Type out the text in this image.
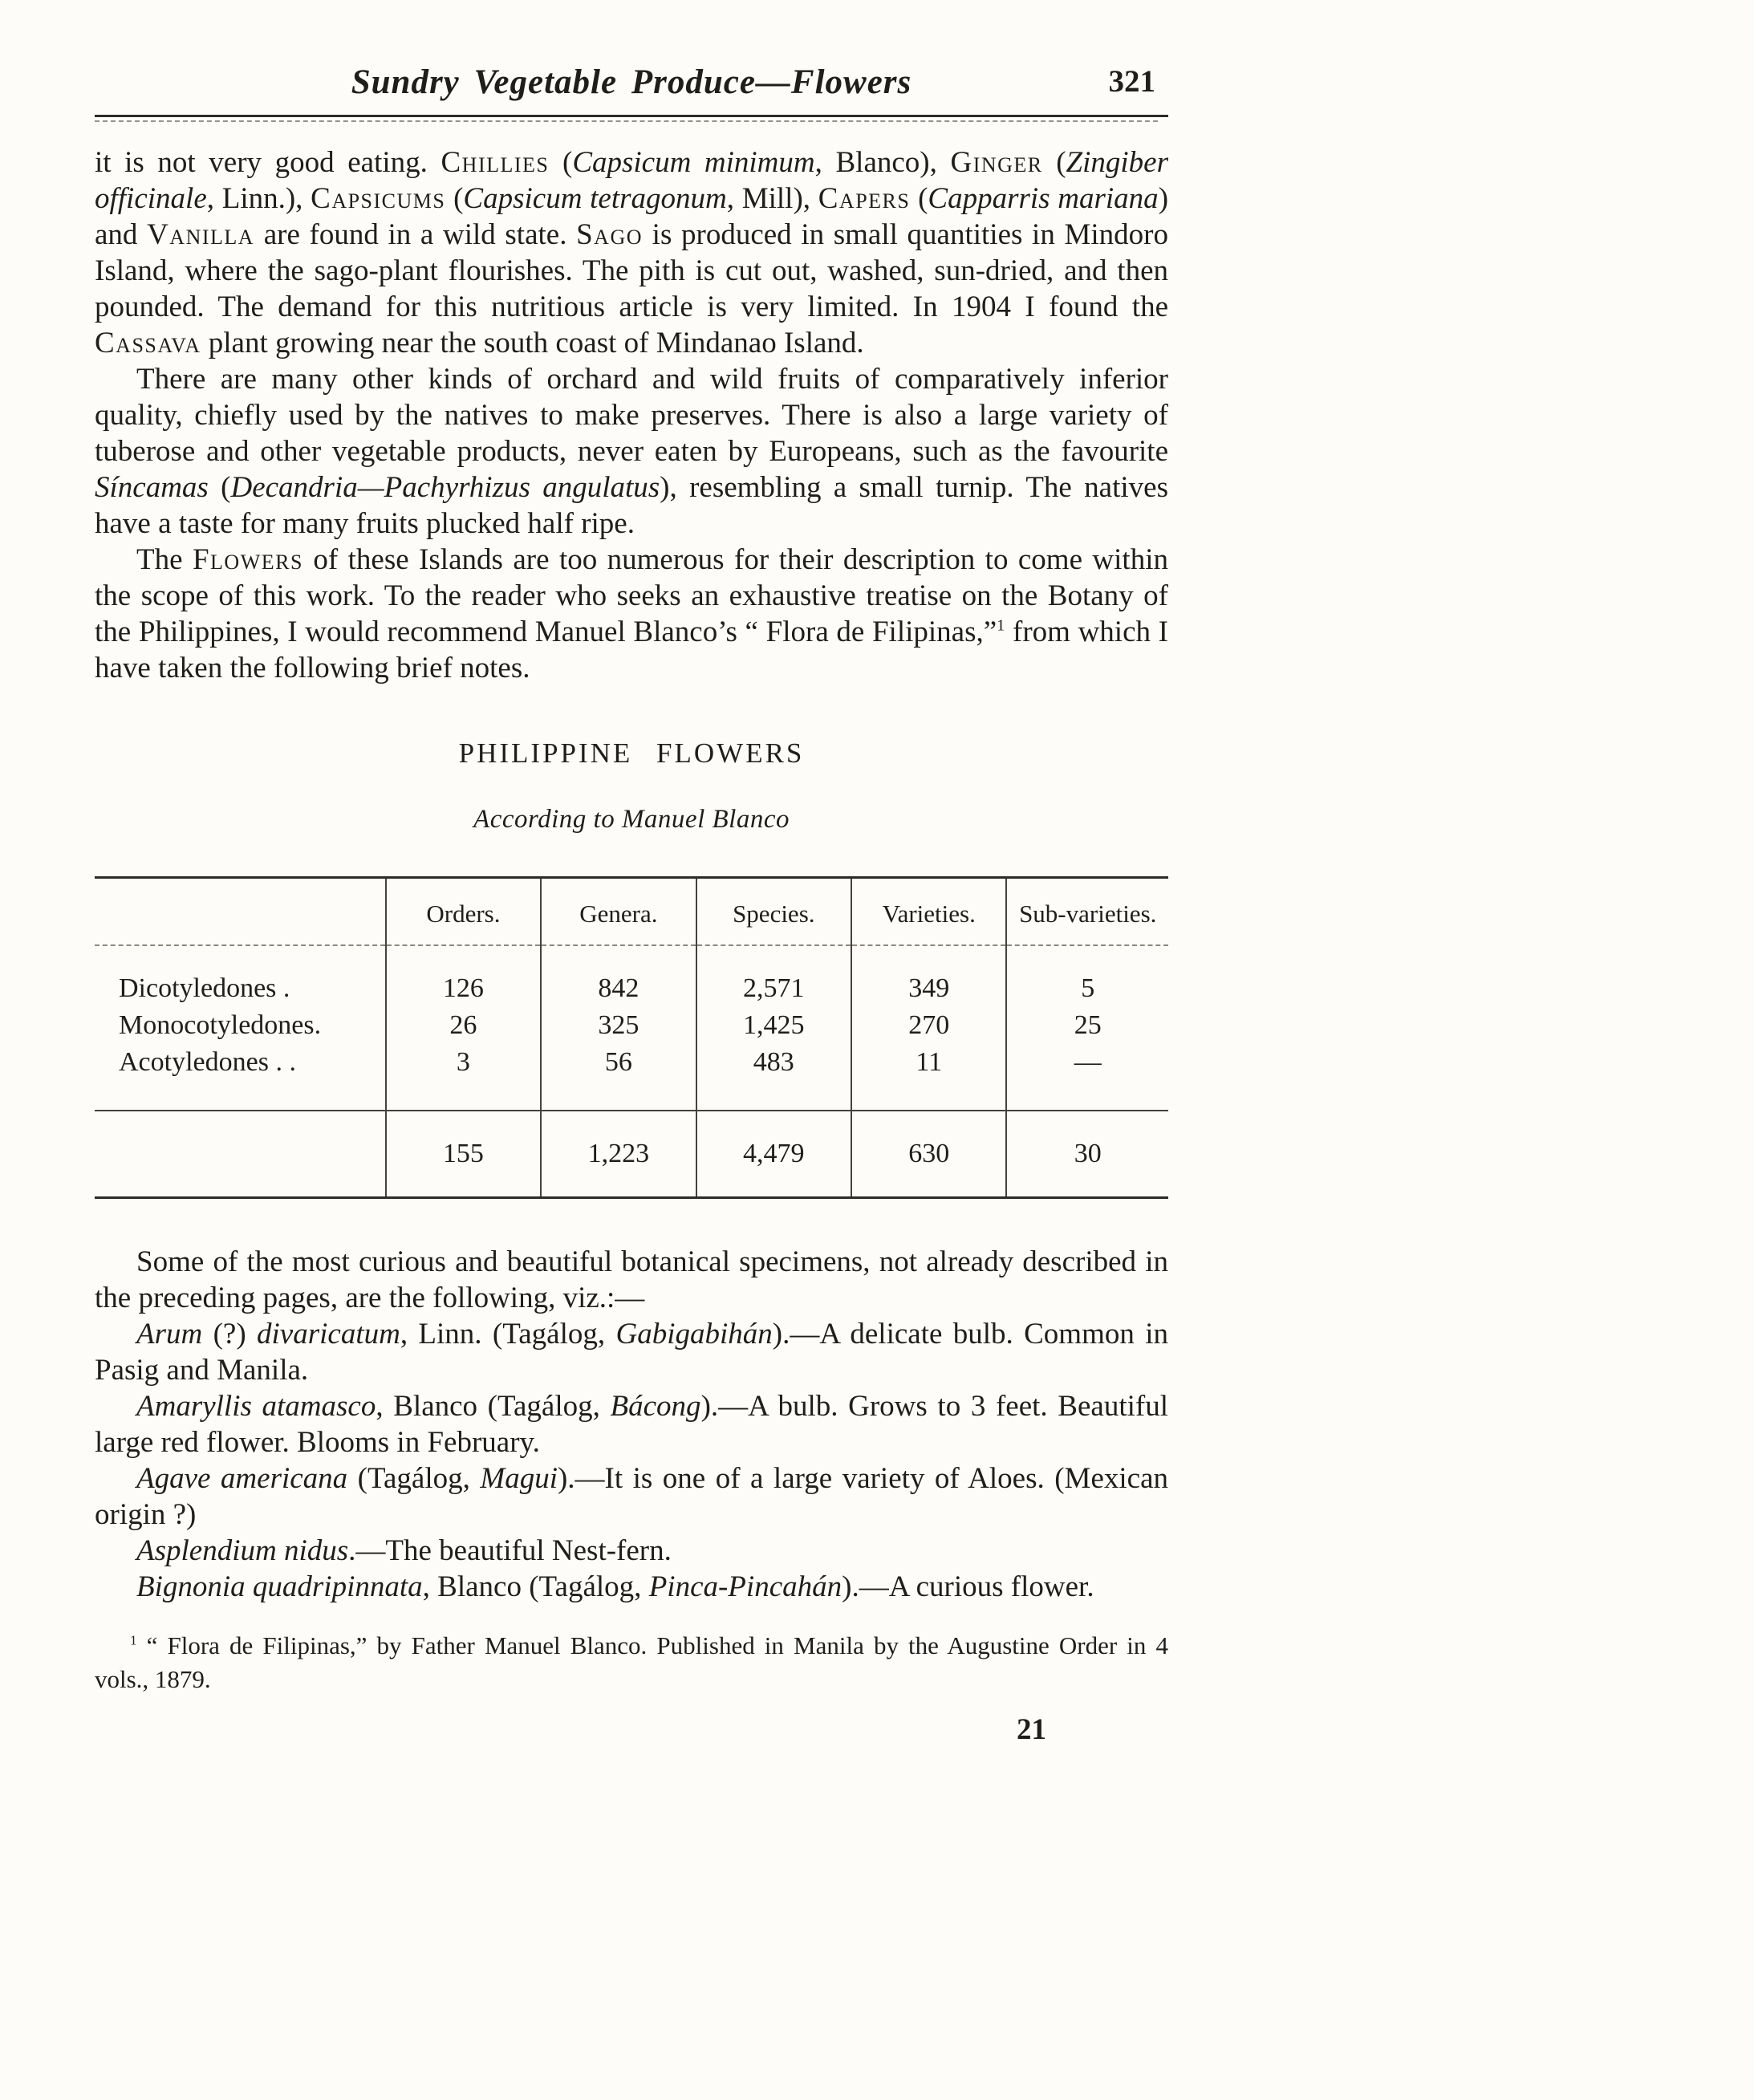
Sundry Vegetable Produce—Flowers	321

it is not very good eating. Chillies (Capsicum minimum, Blanco), Ginger (Zingiber officinale, Linn.), Capsicums (Capsicum tetragonum, Mill), Capers (Capparris mariana) and Vanilla are found in a wild state. Sago is produced in small quantities in Mindoro Island, where the sago-plant flourishes. The pith is cut out, washed, sun-dried, and then pounded. The demand for this nutritious article is very limited. In 1904 I found the Cassava plant growing near the south coast of Mindanao Island.

There are many other kinds of orchard and wild fruits of comparatively inferior quality, chiefly used by the natives to make preserves. There is also a large variety of tuberose and other vegetable products, never eaten by Europeans, such as the favourite Síncamas (Decandria—Pachyrhizus angulatus), resembling a small turnip. The natives have a taste for many fruits plucked half ripe.

The Flowers of these Islands are too numerous for their description to come within the scope of this work. To the reader who seeks an exhaustive treatise on the Botany of the Philippines, I would recommend Manuel Blanco’s “ Flora de Filipinas,”$^1$ from which I have taken the following brief notes.

PHILIPPINE FLOWERS
According to Manuel Blanco
	Orders.	Genera.	Species.	Varieties.	Sub-varieties.
Dicotyledones .	126	842	2,571	349	5
Monocotyledones.	26	325	1,425	270	25
Acotyledones . .	3	56	483	11	—
	155	1,223	4,479	630	30

Some of the most curious and beautiful botanical specimens, not already described in the preceding pages, are the following, viz.:—

Arum (?) divaricatum, Linn. (Tagálog, Gabigabihán).—A delicate bulb. Common in Pasig and Manila.

Amaryllis atamasco, Blanco (Tagálog, Bácong).—A bulb. Grows to 3 feet. Beautiful large red flower. Blooms in February.

Agave americana (Tagálog, Magui).—It is one of a large variety of Aloes. (Mexican origin ?)

Asplendium nidus.—The beautiful Nest-fern.

Bignonia quadripinnata, Blanco (Tagálog, Pinca-Pincahán).—A curious flower.

$^1$ “ Flora de Filipinas,” by Father Manuel Blanco. Published in Manila by the Augustine Order in 4 vols., 1879.

21
